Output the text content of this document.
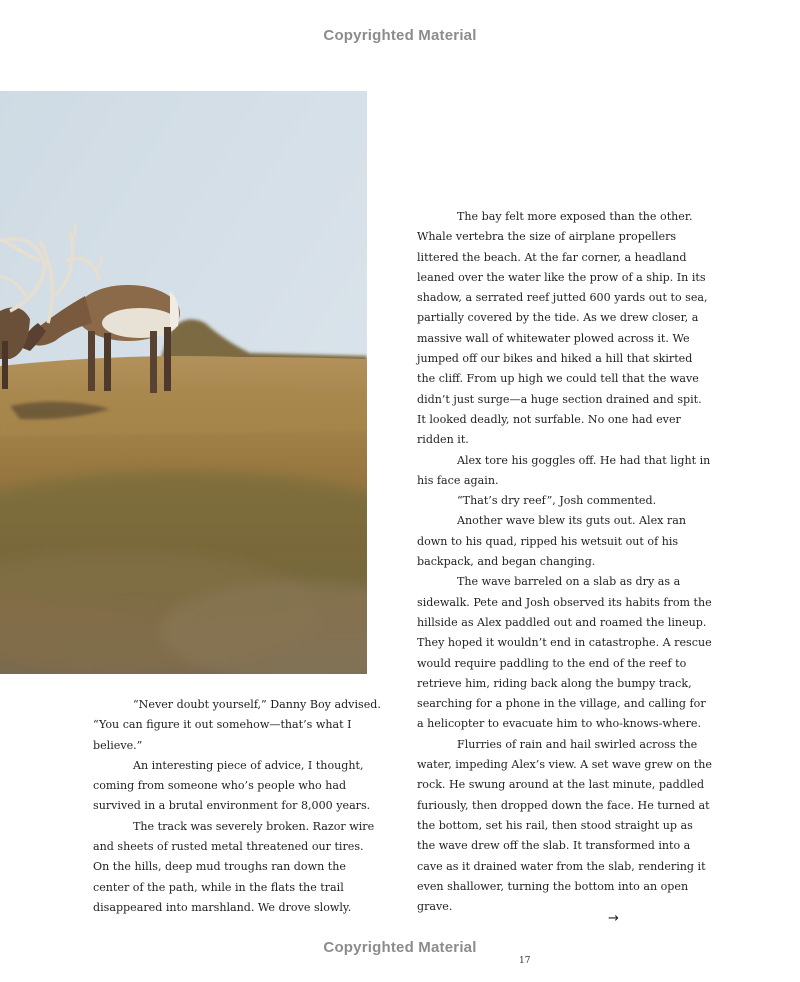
Copyrighted Material

“Never doubt yourself,” Danny Boy advised. “You can figure it out somehow—that’s what I believe.”

An interesting piece of advice, I thought, coming from someone who’s people who had survived in a brutal environment for 8,000 years.

The track was severely broken. Razor wire and sheets of rusted metal threatened our tires. On the hills, deep mud troughs ran down the center of the path, while in the flats the trail disappeared into marshland. We drove slowly.

The bay felt more exposed than the other. Whale vertebra the size of airplane propellers littered the beach. At the far corner, a headland leaned over the water like the prow of a ship. In its shadow, a serrated reef jutted 600 yards out to sea, partially covered by the tide. As we drew closer, a massive wall of whitewater plowed across it. We jumped off our bikes and hiked a hill that skirted the cliff. From up high we could tell that the wave didn’t just surge—a huge section drained and spit. It looked deadly, not surfable. No one had ever ridden it.

Alex tore his goggles off. He had that light in his face again.

“That’s dry reef”, Josh commented.

Another wave blew its guts out. Alex ran down to his quad, ripped his wetsuit out of his backpack, and began changing.

The wave barreled on a slab as dry as a sidewalk. Pete and Josh observed its habits from the hillside as Alex paddled out and roamed the lineup. They hoped it wouldn’t end in catastrophe. A rescue would require paddling to the end of the reef to retrieve him, riding back along the bumpy track, searching for a phone in the village, and calling for a helicopter to evacuate him to who-knows-where.

Flurries of rain and hail swirled across the water, impeding Alex’s view. A set wave grew on the rock. He swung around at the last minute, paddled furiously, then dropped down the face. He turned at the bottom, set his rail, then stood straight up as the wave drew off the slab. It transformed into a cave as it drained water from the slab, rendering it even shallower, turning the bottom into an open grave.

→
Copyrighted Material
17
